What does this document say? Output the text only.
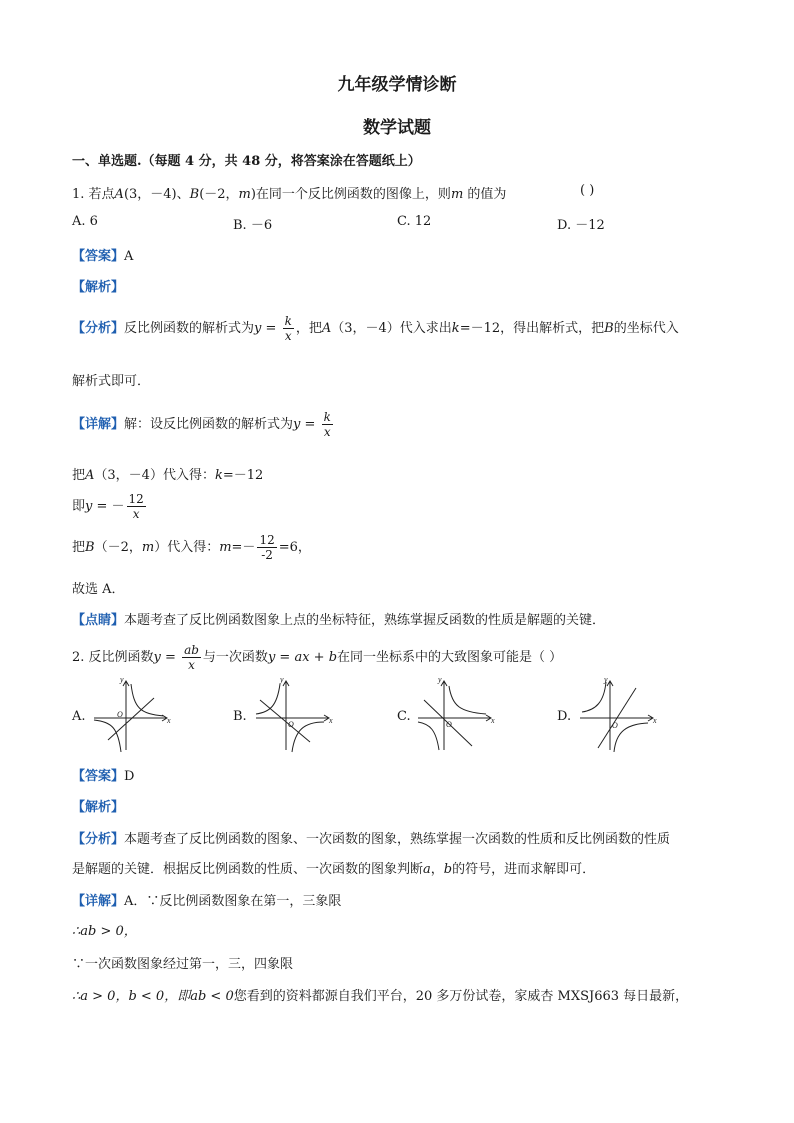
九年级学情诊断
数学试题
一、单选题.（每题 4 分，共 48 分，将答案涂在答题纸上）
1. 若点A(3，－4)、B(－2，m)在同一个反比例函数的图像上，则m 的值为	( )
A. 6	B. －6	C. 12	D. －12
【答案】A
【解析】
【分析】反比例函数的解析式为$y = \frac{k}{x}$ ，把A（3，－4）代入求出k=－12，得出解析式，把B的坐标代入
解析式即可．
【详解】解：设反比例函数的解析式为$y = \frac{k}{x}$
把A（3，－4）代入得：k=－12
即y = － $\frac{12}{x}$
把B（－2，m）代入得：$m=- \frac{12}{-2} =6$，
故选 A．
【点睛】本题考查了反比例函数图象上点的坐标特征，熟练掌握反函数的性质是解题的关键．
2. 反比例函数$y = \frac{ab}{x}$ 与一次函数y = ax + b在同一坐标系中的大致图象可能是（ ）
A.	B.	C.	D.
y
x
O
y
x
O
y
x
O
y
x
O
【答案】D
【解析】
【分析】本题考查了反比例函数的图象、一次函数的图象，熟练掌握一次函数的性质和反比例函数的性质
是解题的关键．根据反比例函数的性质、一次函数的图象判断a，b的符号，进而求解即可．
【详解】A．∵反比例函数图象在第一，三象限
∴ab > 0，
∵一次函数图象经过第一，三，四象限
∴a > 0，b < 0，即ab < 0您看到的资料都源自我们平台，20 多万份试卷，家威杏 MXSJ663 每日最新，
